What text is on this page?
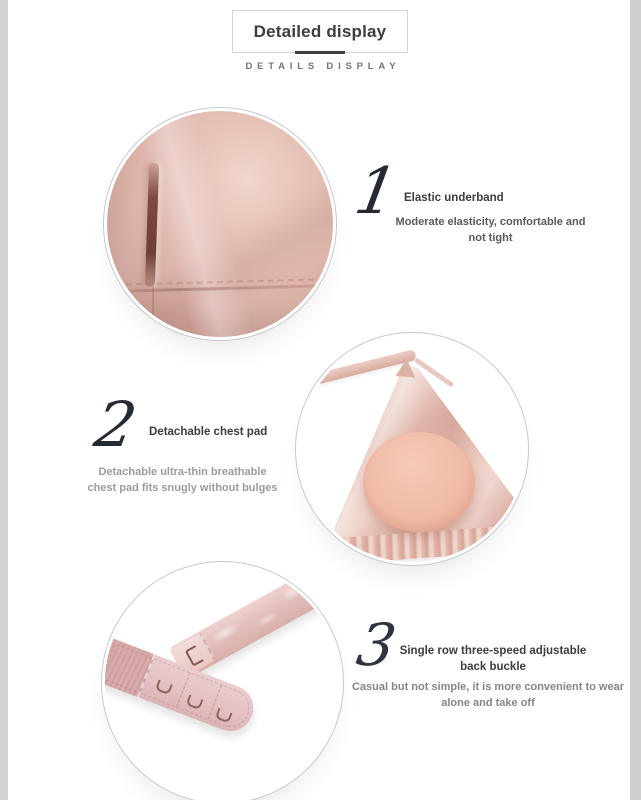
Detailed display
DETAILS DISPLAY
1 Elastic underband
Moderate elasticity, comfortable and
not tight
2 Detachable chest pad
Detachable ultra-thin breathable
chest pad fits snugly without bulges
3
Single row three-speed adjustable
back buckle
Casual but not simple, it is more convenient to wear
alone and take off
